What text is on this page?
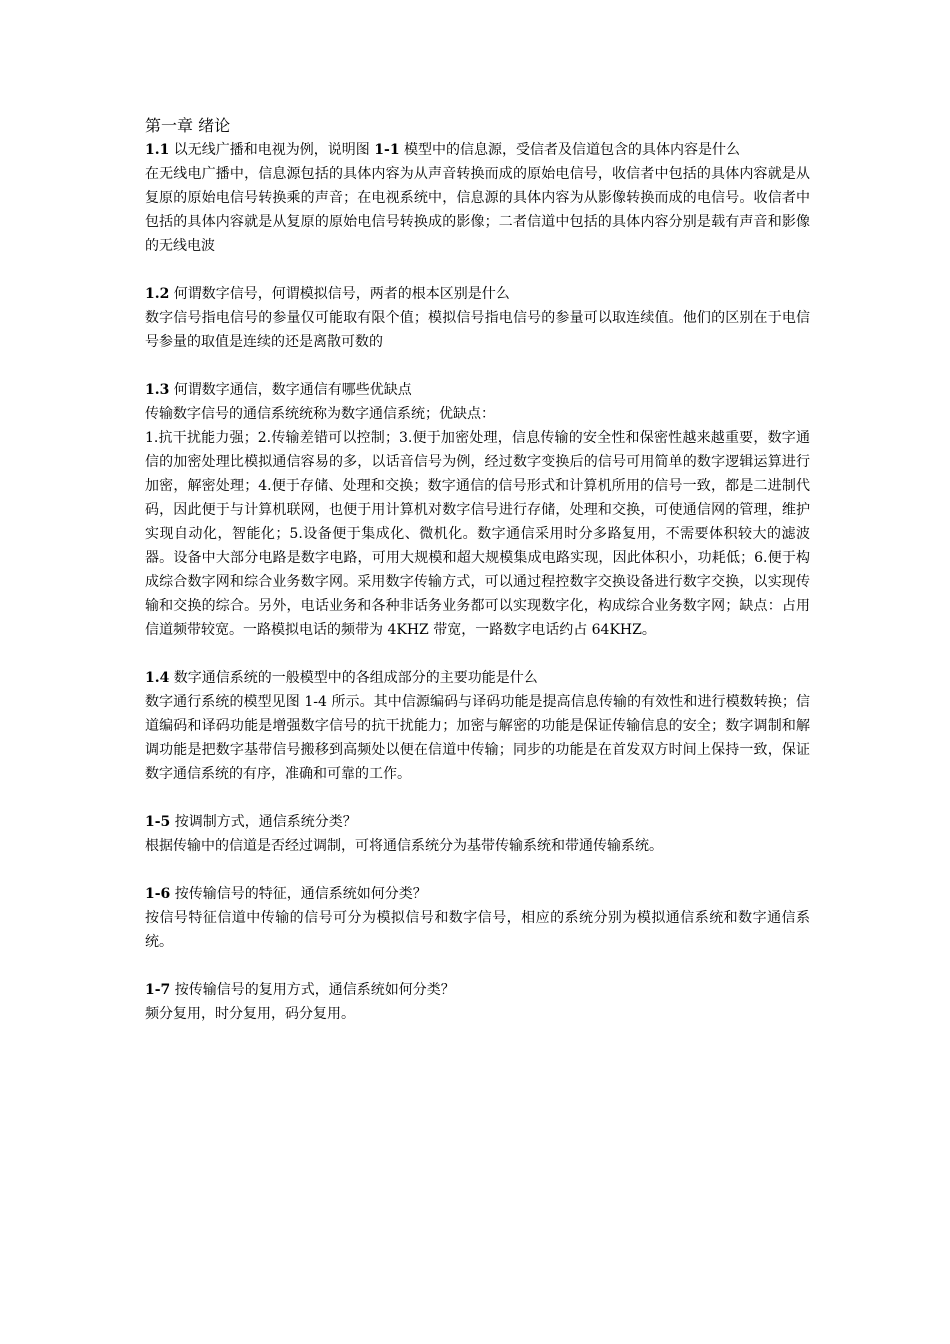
第一章 绪论

1.1 以无线广播和电视为例，说明图 1-1 模型中的信息源，受信者及信道包含的具体内容是什么

在无线电广播中，信息源包括的具体内容为从声音转换而成的原始电信号，收信者中包括的具体内容就是从复原的原始电信号转换乘的声音；在电视系统中，信息源的具体内容为从影像转换而成的电信号。收信者中包括的具体内容就是从复原的原始电信号转换成的影像；二者信道中包括的具体内容分别是载有声音和影像的无线电波

1.2 何谓数字信号，何谓模拟信号，两者的根本区别是什么

数字信号指电信号的参量仅可能取有限个值；模拟信号指电信号的参量可以取连续值。他们的区别在于电信号参量的取值是连续的还是离散可数的

1.3 何谓数字通信，数字通信有哪些优缺点

传输数字信号的通信系统统称为数字通信系统；优缺点：

1.抗干扰能力强；2.传输差错可以控制；3.便于加密处理，信息传输的安全性和保密性越来越重要，数字通信的加密处理比模拟通信容易的多，以话音信号为例，经过数字变换后的信号可用简单的数字逻辑运算进行加密，解密处理；4.便于存储、处理和交换；数字通信的信号形式和计算机所用的信号一致，都是二进制代码，因此便于与计算机联网，也便于用计算机对数字信号进行存储，处理和交换，可使通信网的管理，维护实现自动化，智能化；5.设备便于集成化、微机化。数字通信采用时分多路复用，不需要体积较大的滤波器。设备中大部分电路是数字电路，可用大规模和超大规模集成电路实现，因此体积小，功耗低；6.便于构成综合数字网和综合业务数字网。采用数字传输方式，可以通过程控数字交换设备进行数字交换，以实现传输和交换的综合。另外，电话业务和各种非话务业务都可以实现数字化，构成综合业务数字网；缺点：占用信道频带较宽。一路模拟电话的频带为 4KHZ 带宽，一路数字电话约占 64KHZ。

1.4 数字通信系统的一般模型中的各组成部分的主要功能是什么

数字通行系统的模型见图 1-4 所示。其中信源编码与译码功能是提高信息传输的有效性和进行模数转换；信道编码和译码功能是增强数字信号的抗干扰能力；加密与解密的功能是保证传输信息的安全；数字调制和解调功能是把数字基带信号搬移到高频处以便在信道中传输；同步的功能是在首发双方时间上保持一致，保证数字通信系统的有序，准确和可靠的工作。

1-5 按调制方式，通信系统分类？

根据传输中的信道是否经过调制，可将通信系统分为基带传输系统和带通传输系统。

1-6 按传输信号的特征，通信系统如何分类？

按信号特征信道中传输的信号可分为模拟信号和数字信号，相应的系统分别为模拟通信系统和数字通信系统。

1-7 按传输信号的复用方式，通信系统如何分类？

频分复用，时分复用，码分复用。
